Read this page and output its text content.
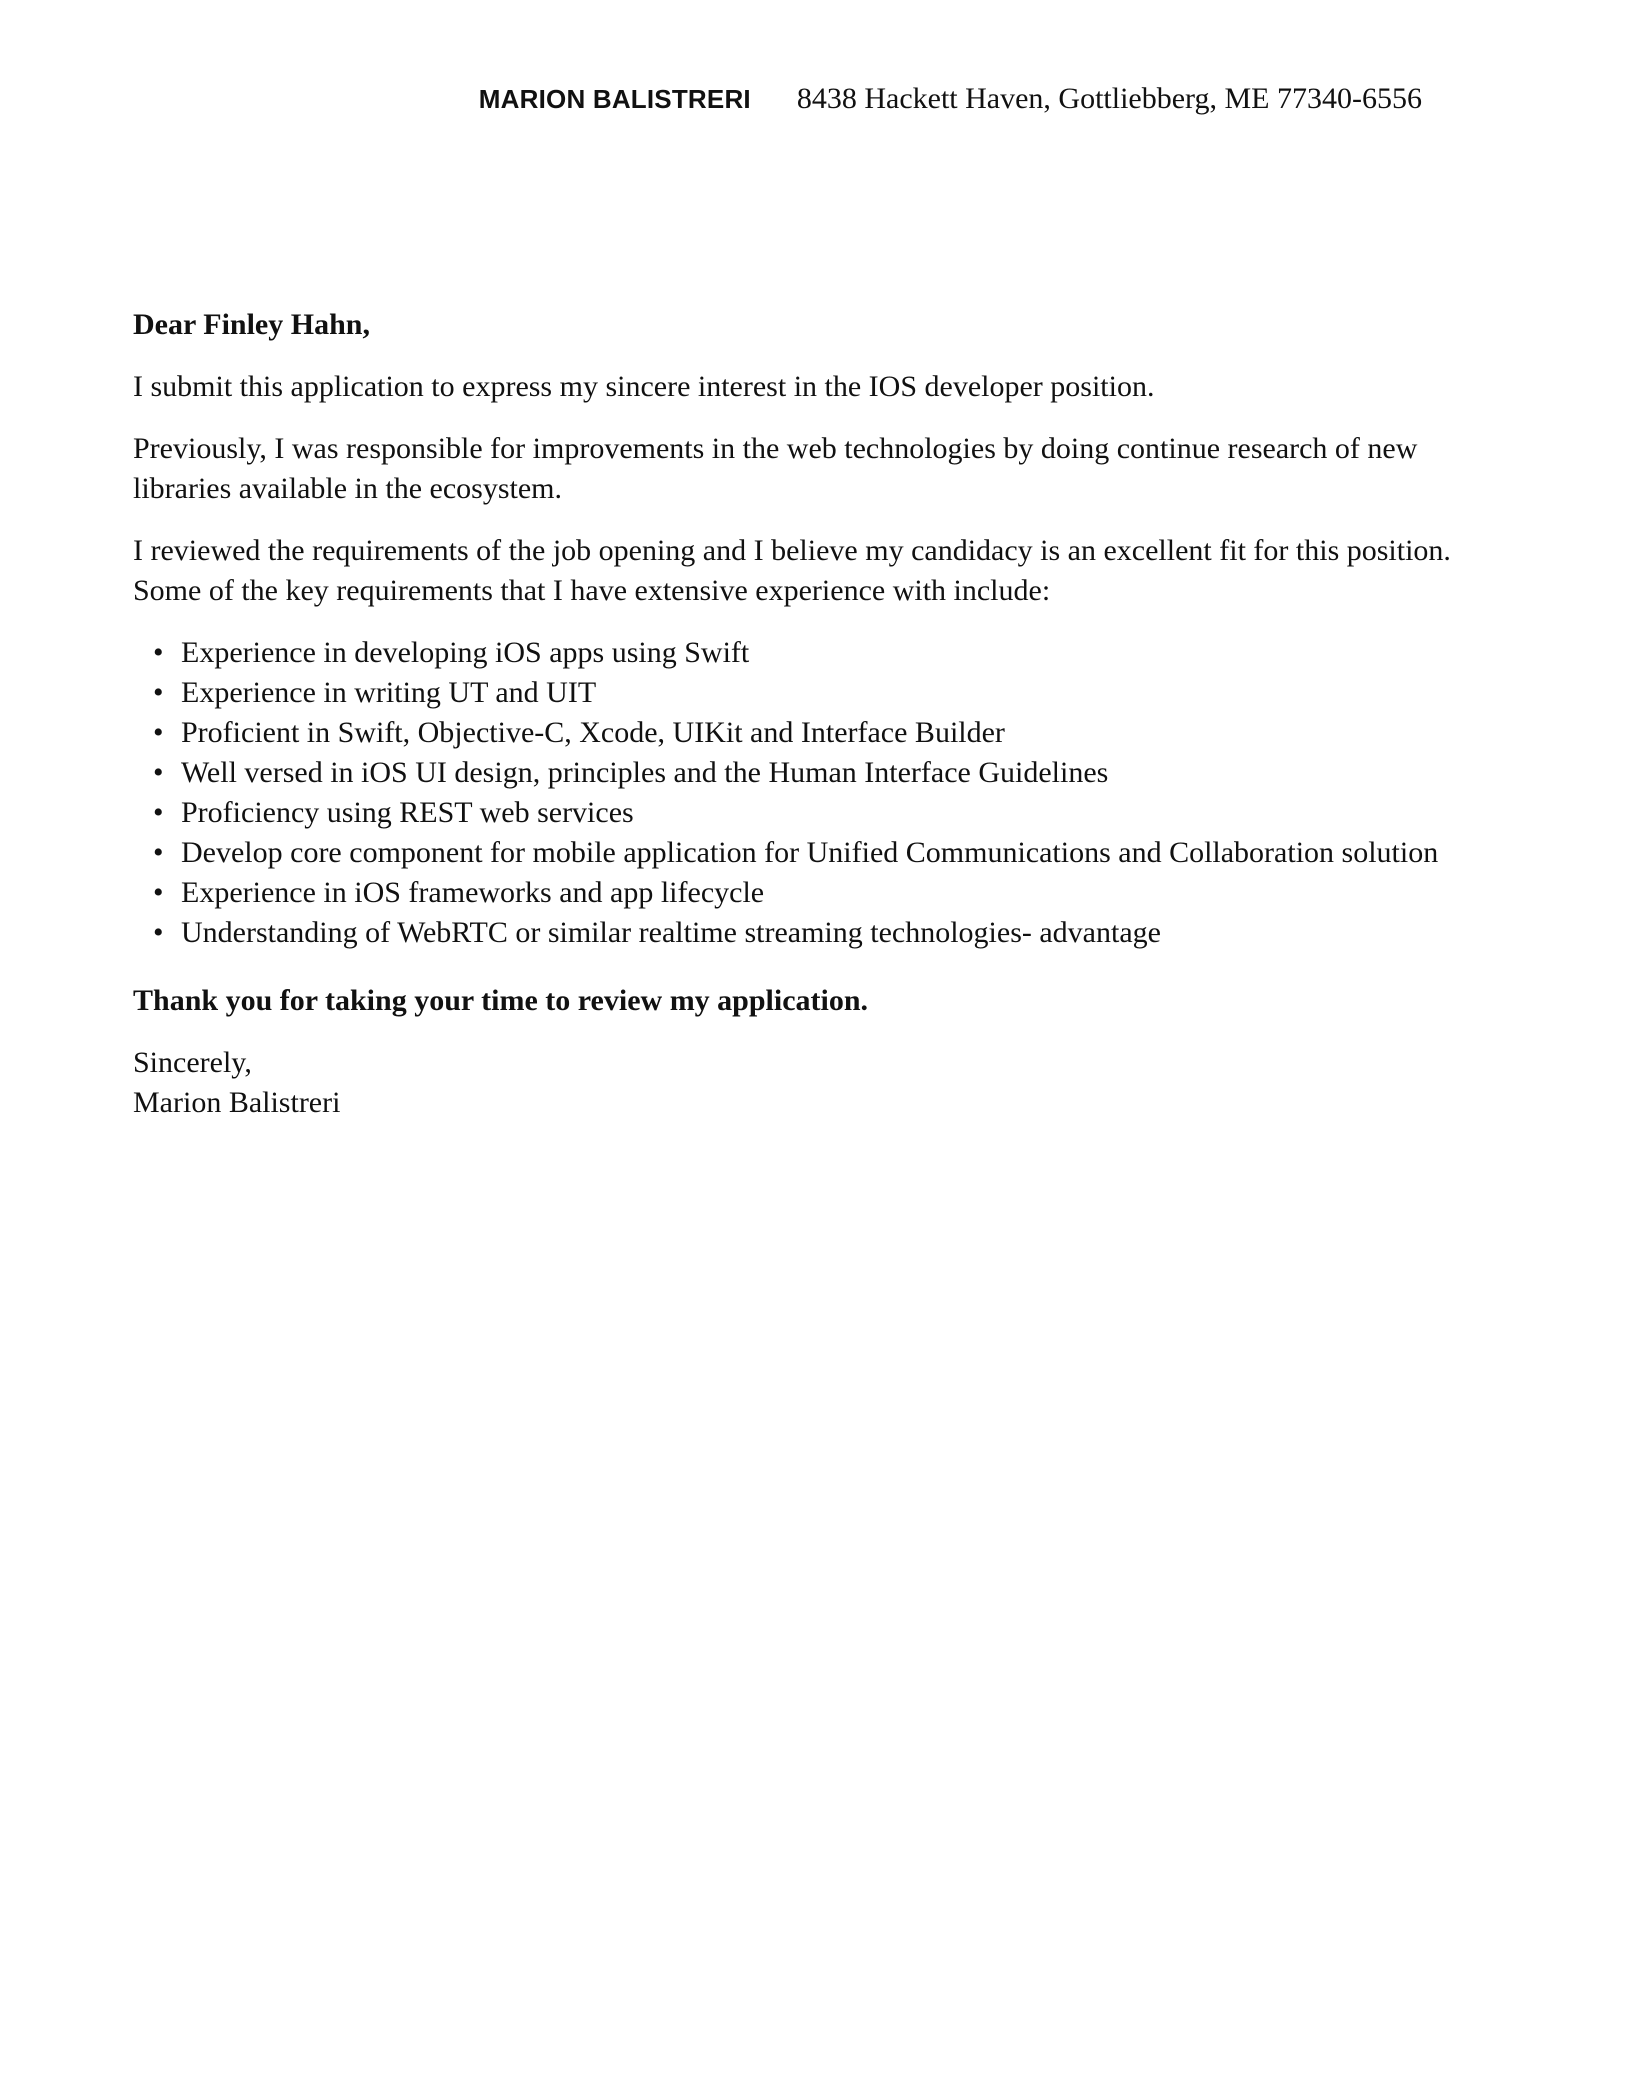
MARION BALISTRERI 8438 Hackett Haven, Gottliebberg, ME 77340-6556

Dear Finley Hahn,

I submit this application to express my sincere interest in the IOS developer position.

Previously, I was responsible for improvements in the web technologies by doing continue research of new libraries available in the ecosystem.

I reviewed the requirements of the job opening and I believe my candidacy is an excellent fit for this position. Some of the key requirements that I have extensive experience with include:

• Experience in developing iOS apps using Swift
• Experience in writing UT and UIT
• Proficient in Swift, Objective-C, Xcode, UIKit and Interface Builder
• Well versed in iOS UI design, principles and the Human Interface Guidelines
• Proficiency using REST web services
• Develop core component for mobile application for Unified Communications and Collaboration solution
• Experience in iOS frameworks and app lifecycle
• Understanding of WebRTC or similar realtime streaming technologies- advantage

Thank you for taking your time to review my application.

Sincerely,

Marion Balistreri
